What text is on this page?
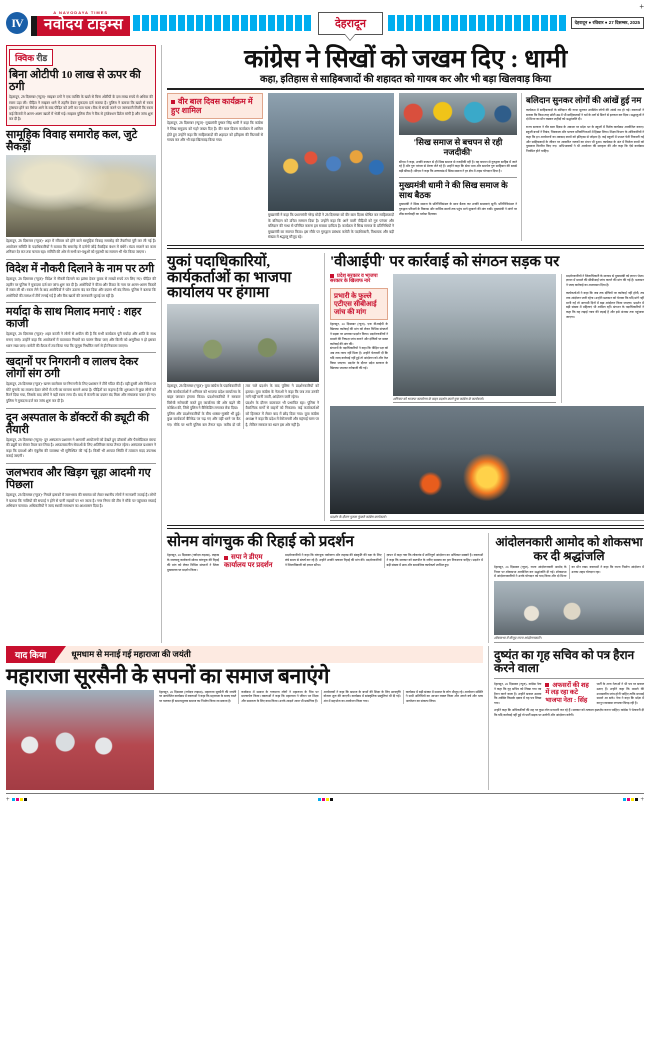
IV
A NAVODAYA TIMES
नवोदय टाइम्स	देहरादून	देहरादून ● रविवार ● 27 दिसम्बर, 2025
+
क्विक रीड
बिना ओटीपी 10 लाख से ऊपर की ठगी
देहरादून, 26 दिसम्बर (न्यूज)- साइबर ठगों ने एक व्यक्ति के खाते से बिना ओटीपी के दस लाख रुपये से अधिक की रकम उड़ा ली। पीड़ित ने साइबर थाने में तहरीर देकर मुकदमा दर्ज कराया है। पुलिस ने बताया कि खाते से रकम ट्रांसफर होने का मैसेज आने के बाद पीड़ित को ठगी का पता चला। बैंक से संपर्क करने पर जानकारी मिली कि रकम कई किस्तों में अलग-अलग खातों में भेजी गई। साइबर पुलिस टीम ने बैंक से ट्रांजेक्शन डिटेल मांगी है और जांच शुरू कर दी है।
सामूहिक विवाह समारोह कल, जुटे सैकड़ों
देहरादून, 26 दिसम्बर (न्यूज)- शहर में रविवार को होने वाले सामूहिक विवाह समारोह की तैयारियां पूरी कर ली गई हैं। आयोजन समिति के पदाधिकारियों ने बताया कि समारोह में दर्जनों जोड़े वैवाहिक बंधन में बंधेंगे। मंडप सजाने का काम शनिवार देर रात तक चलता रहा। समिति की ओर से सभी वर-वधुओं को गृहस्थी का सामान भी भेंट किया जाएगा।
विदेश में नौकरी दिलाने के नाम पर ठगी
देहरादून, 26 दिसम्बर (न्यूज)- विदेश में नौकरी दिलाने का झांसा देकर युवक से लाखों रुपये ठग लिए गए। पीड़ित की तहरीर पर पुलिस ने मुकदमा दर्ज कर जांच शुरू कर दी है। आरोपियों ने वीजा और टिकट के नाम पर अलग-अलग किस्तों में रकम ली थी। रकम लेने के बाद आरोपियों ने फोन उठाना बंद कर दिया और दफ्तर भी बंद मिला। पुलिस ने बताया कि आरोपियों की तलाश में टीमें लगाई गई हैं और बैंक खातों की जानकारी जुटाई जा रही है।
मर्यादा के साथ मिलाद मनाएं : शहर काजी
देहरादून, 26 दिसम्बर (न्यूज)- शहर काजी ने लोगों से अपील की है कि सभी कार्यक्रम पूरी मर्यादा और शांति के साथ मनाए जाएं। उन्होंने कहा कि आयोजनों में यातायात नियमों का पालन किया जाए और किसी को असुविधा न हो इसका ध्यान रखा जाए। कमेटी की बैठक में तय किया गया कि जुलूस निर्धारित मार्ग से ही निकाला जाएगा।
खदानों पर निगरानी व लालच देकर लोगों संग ठगी
देहरादून, 26 दिसम्बर (न्यूज)- खनन कारोबार पर निगरानी के लिए प्रशासन ने टीमें गठित की हैं। वहीं दूसरी ओर निवेश पर मोटे मुनाफे का लालच देकर लोगों से ठगी का मामला सामने आया है। पीड़ितों का कहना है कि शुरुआत में कुछ लोगों को रिटर्न दिया गया, जिसके बाद लोगों ने बड़ी रकम लगा दी। बाद में कंपनी का दफ्तर बंद मिला और संचालक फरार हो गए। पुलिस ने मुकदमा दर्ज कर जांच शुरू कर दी है।
दून अस्पताल के डॉक्टरों की ड्यूटी की तैयारी
देहरादून, 26 दिसम्बर (न्यूज)- दून अस्पताल प्रशासन ने आगामी आयोजनों को देखते हुए डॉक्टरों और पैरामेडिकल स्टाफ की ड्यूटी का रोस्टर तैयार कर लिया है। आपातकालीन सेवाओं के लिए अतिरिक्त स्टाफ तैनात रहेगा। अस्पताल प्रशासन ने कहा कि दवाओं और एंबुलेंस की व्यवस्था भी सुनिश्चित की गई है। किसी भी आपात स्थिति में तत्काल मदद उपलब्ध कराई जाएगी।
जलभराव और खिड़ग चूहा आदमी गए पिछला
देहरादून, 26 दिसम्बर (न्यूज)- निचले इलाकों में जलभराव की समस्या को लेकर स्थानीय लोगों ने नाराजगी जताई है। लोगों ने बताया कि नालियों की सफाई न होने से पानी सड़कों पर भर जाता है। नगर निगम की टीम ने मौके पर पहुंचकर सफाई अभियान चलाया। अधिकारियों ने जल्द स्थायी समाधान का आश्वासन दिया है।
कांग्रेस ने सिखों को जखम दिए : धामी
कहा, इतिहास से साहिबजादों की शहादत को गायब कर और भी बड़ा खिलवाड़ किया
वीर बाल दिवस कार्यक्रम में हुए शामिल
देहरादून, 26 दिसम्बर (न्यूज)- मुख्यमंत्री पुष्कर सिंह धामी ने कहा कि कांग्रेस ने सिख समुदाय को गहरे जख्म दिए हैं। वीर बाल दिवस कार्यक्रम में शामिल होते हुए उन्होंने कहा कि साहिबजादों की शहादत को इतिहास की किताबों से गायब कर और भी बड़ा खिलवाड़ किया गया।
मुख्यमंत्री ने कहा कि प्रधानमंत्री नरेन्द्र मोदी ने 26 दिसम्बर को वीर बाल दिवस घोषित कर साहिबजादों के बलिदान को उचित सम्मान दिया है। उन्होंने कहा कि आने वाली पीढ़ियों को गुरु परंपरा और बलिदान की गाथा से परिचित कराना हम सबका दायित्व है। कार्यक्रम में सिख समाज के प्रतिनिधियों ने मुख्यमंत्री का स्वागत किया। इस मौके पर गुरुद्वारा प्रबंधक कमेटी के पदाधिकारी, विधायक और बड़ी संख्या में श्रद्धालु मौजूद रहे।
'सिख समाज से बचपन से रही नजदीकी'
सीएम ने कहा, उनकी बचपन से ही सिख समाज से नजदीकी रही है। वह बचपन से गुरुद्वारा साहिब में जाते रहे हैं और गुरु परंपरा से प्रेरणा लेते रहे हैं। उन्होंने कहा कि सेवा भाव और समर्पण गुरु साहिबान की सबसे बड़ी सीख है। सीएम ने कहा कि उत्तराखंड में सिख समाज ने हर क्षेत्र में अहम योगदान दिया है।
मुख्यमंत्री धामी ने की सिख समाज के साथ बैठक
मुख्यमंत्री ने सिख समाज के प्रतिनिधिमंडल के साथ बैठक कर उनकी समस्याएं सुनीं। प्रतिनिधिमंडल ने गुरुद्वारा परिसरों के विकास और धार्मिक स्थलों तक पहुंच मार्ग सुधारने की मांग रखी। मुख्यमंत्री ने मांगों पर शीघ्र कार्यवाही का भरोसा दिलाया।
बलिदान सुनकर लोगों की आंखें हुई नम
कार्यक्रम में साहिबजादों के बलिदान की गाथा सुनकर उपस्थित लोगों की आंखें नम हो गईं। वक्ताओं ने बताया कि किस तरह छोटी उम्र में भी साहिबजादों ने धर्म के मार्ग से डिगने से इनकार कर दिया। श्रद्धालुओं ने दो मिनट का मौन रखकर शहीदों को श्रद्धांजलि दी।
राज्य सरकार ने वीर बाल दिवस के अवसर पर प्रदेश भर के स्कूलों में विशेष कार्यक्रम आयोजित कराए। स्कूली बच्चों ने निबंध, चित्रकला और भाषण प्रतियोगिताओं में हिस्सा लिया। शिक्षा विभाग के अधिकारियों ने कहा कि इन आयोजनों का मकसद बच्चों को इतिहास से जोड़ना है। कई स्कूलों में प्रभात फेरी निकाली गई और साहिबजादों के जीवन पर आधारित नाटकों का मंचन भी हुआ। कार्यक्रम के अंत में विजेता बच्चों को पुरस्कार वितरित किए गए। अभिभावकों ने भी आयोजन की सराहना की और कहा कि ऐसे कार्यक्रम नियमित होने चाहिए।
युकां पदाधिकारियों, कार्यकर्ताओं का भाजपा कार्यालय पर हंगामा
देहरादून, 26 दिसम्बर (न्यूज)- युवा कांग्रेस के पदाधिकारियों और कार्यकर्ताओं ने शनिवार को भाजपा प्रदेश कार्यालय के बाहर जमकर हंगामा किया। प्रदर्शनकारियों ने सरकार विरोधी नारेबाजी करते हुए कार्यालय की ओर बढ़ने की कोशिश की, जिसे पुलिस ने बैरिकेडिंग लगाकर रोक दिया।
पुलिस और प्रदर्शनकारियों के बीच धक्का-मुक्की भी हुई। कुछ कार्यकर्ता बैरिकेड पर चढ़ गए और वहीं धरने पर बैठ गए। मौके पर भारी पुलिस बल तैनात रहा। करीब दो घंटे तक चले प्रदर्शन के बाद पुलिस ने प्रदर्शनकारियों को हटाया। युवा कांग्रेस के नेताओं ने कहा कि जब तक उनकी मांगें नहीं मानी जातीं, आंदोलन जारी रहेगा।
प्रदर्शन के दौरान यातायात भी प्रभावित रहा। पुलिस ने वैकल्पिक मार्गों से वाहनों को निकाला। कई कार्यकर्ताओं को हिरासत में लेकर बाद में छोड़ दिया गया। युवा कांग्रेस अध्यक्ष ने कहा कि प्रदेश में बेरोजगारी और महंगाई चरम पर है, लेकिन सरकार का ध्यान इस ओर नहीं है।
'वीआईपी' पर कार्रवाई को संगठन सड़क पर
प्रदेश सरकार व भाजपा सरकार के खिलाफ नारे
प्रभारी के फुल्ले एटीएस सीबीआई जांच की मांग
देहरादून, 26 दिसम्बर (न्यूज)- एक वीआईपी के खिलाफ कार्रवाई की मांग को लेकर विभिन्न संगठनों ने सड़क पर उतरकर प्रदर्शन किया। प्रदर्शनकारियों ने मामले की निष्पक्ष जांच कराने और दोषियों पर सख्त कार्रवाई की मांग की।
संगठनों के पदाधिकारियों ने कहा कि पीड़ित पक्ष को अब तक न्याय नहीं मिला है। उन्होंने चेतावनी दी कि यदि जल्द कार्रवाई नहीं हुई तो आंदोलन को और तेज किया जाएगा। प्रदर्शन के दौरान प्रदेश सरकार के खिलाफ जमकर नारेबाजी की गई।
शनिवार को भाजपा कार्यालय के बाहर प्रदर्शन करते युवा कांग्रेस के कार्यकर्ता।
प्रदर्शनकारियों ने जिलाधिकारी के माध्यम से मुख्यमंत्री को ज्ञापन भेजा। ज्ञापन में मामले की सीबीआई जांच कराने की मांग की गई है। प्रशासन ने जल्द कार्रवाई का आश्वासन दिया है।
कार्यकर्ताओं ने कहा कि जब तक दोषियों पर कार्रवाई नहीं होती, तब तक आंदोलन जारी रहेगा। उन्होंने प्रशासन को चेताया कि यदि मांगें नहीं मानी गईं तो आगामी दिनों में बड़ा आंदोलन किया जाएगा। प्रदर्शन में बड़ी संख्या में महिलाएं भी शामिल रहीं। संगठन के पदाधिकारियों ने कहा कि यह लड़ाई न्याय की लड़ाई है और इसे अंजाम तक पहुंचाया जाएगा।
प्रदर्शन के दौरान पुतला फूंकते कांग्रेस कार्यकर्ता।
सोनम वांगचुक की रिहाई को प्रदर्शन
देहरादून, 26 दिसम्बर (नवोदय टाइम्स)- लद्दाख के जलवायु कार्यकर्ता सोनम वांगचुक की रिहाई की मांग को लेकर विभिन्न संगठनों ने जिला मुख्यालय पर प्रदर्शन किया।
सपा ने डीएम कार्यालय पर प्रदर्शन
प्रदर्शनकारियों ने कहा कि वांगचुक पर्यावरण और लद्दाख की संस्कृति की रक्षा के लिए लंबे समय से संघर्ष कर रहे हैं। उन्होंने उनकी तत्काल रिहाई की मांग की। प्रदर्शनकारियों ने जिलाधिकारी को ज्ञापन सौंपा।
ज्ञापन में कहा गया कि लोकतंत्र में शांतिपूर्ण आंदोलन का अधिकार सबको है। वक्ताओं ने कहा कि सरकार को बातचीत के जरिए समस्या का हल निकालना चाहिए। प्रदर्शन में बड़ी संख्या में छात्र और सामाजिक कार्यकर्ता शामिल हुए।
आंदोलनकारी आमोद को शोकसभा कर दी श्रद्धांजलि
देहरादून, 26 दिसम्बर (न्यूज)- राज्य आंदोलनकारी आमोद के निधन पर शोकसभा आयोजित कर श्रद्धांजलि दी गई। शोकसभा में आंदोलनकारियों ने उनके योगदान को याद किया और दो मिनट का मौन रखा। वक्ताओं ने कहा कि राज्य निर्माण आंदोलन में उनका अहम योगदान रहा।
शोकसभा में मौजूद राज्य आंदोलनकारी।
याद किया	धूमधाम से मनाई गई महाराजा की जयंती
महाराजा सूरसैनी के सपनों का समाज बनाएंगे
देहरादून, 26 दिसम्बर (नवोदय टाइम्स)- महाराजा सूरसैनी की जयंती पर आयोजित कार्यक्रम में वक्ताओं ने कहा कि महाराजा के बताए रास्ते पर चलकर ही समतामूलक समाज का निर्माण किया जा सकता है।
कार्यक्रम में समाज के गणमान्य लोगों ने महाराजा के चित्र पर माल्यार्पण किया। वक्ताओं ने कहा कि महाराजा ने जीवन भर शिक्षा और समानता के लिए काम किया। उनके आदर्श आज भी प्रासंगिक हैं।
आयोजकों ने कहा कि समाज के बच्चों की शिक्षा के लिए छात्रवृत्ति योजना शुरू की जाएगी। कार्यक्रम में सांस्कृतिक प्रस्तुतियां भी दी गईं। अंत में सहभोज का आयोजन किया गया।
कार्यक्रम में बड़ी संख्या में समाज के लोग मौजूद रहे। आयोजन समिति ने सभी अतिथियों का आभार व्यक्त किया और अगले वर्ष और भव्य आयोजन का संकल्प लिया।
दुष्यंत का गृह सचिव को पत्र हैरान करने वाला
देहरादून, 26 दिसम्बर (न्यूज)- कांग्रेस नेता ने कहा कि गृह सचिव को लिखा गया पत्र हैरान करने वाला है। उन्होंने सवाल उठाया कि आखिर किसके दबाव में यह पत्र लिखा गया।
अफसरों की शह में लड़ रहा कटे भाजपा नेता : सिंह
पार्टी के अन्य नेताओं ने भी पत्र पर सवाल उठाए हैं। उन्होंने कहा कि मामले की उच्चस्तरीय जांच होनी चाहिए ताकि सच्चाई सामने आ सके। नेता ने कहा कि प्रदेश में कानून व्यवस्था लगातार बिगड़ रही है।
उन्होंने कहा कि अधिकारियों की शह पर कुछ लोग मनमानी कर रहे हैं। सरकार को तत्काल हस्तक्षेप करना चाहिए। कांग्रेस ने चेतावनी दी कि यदि कार्रवाई नहीं हुई तो पार्टी सड़क पर उतरेगी और आंदोलन करेगी।
+	+
